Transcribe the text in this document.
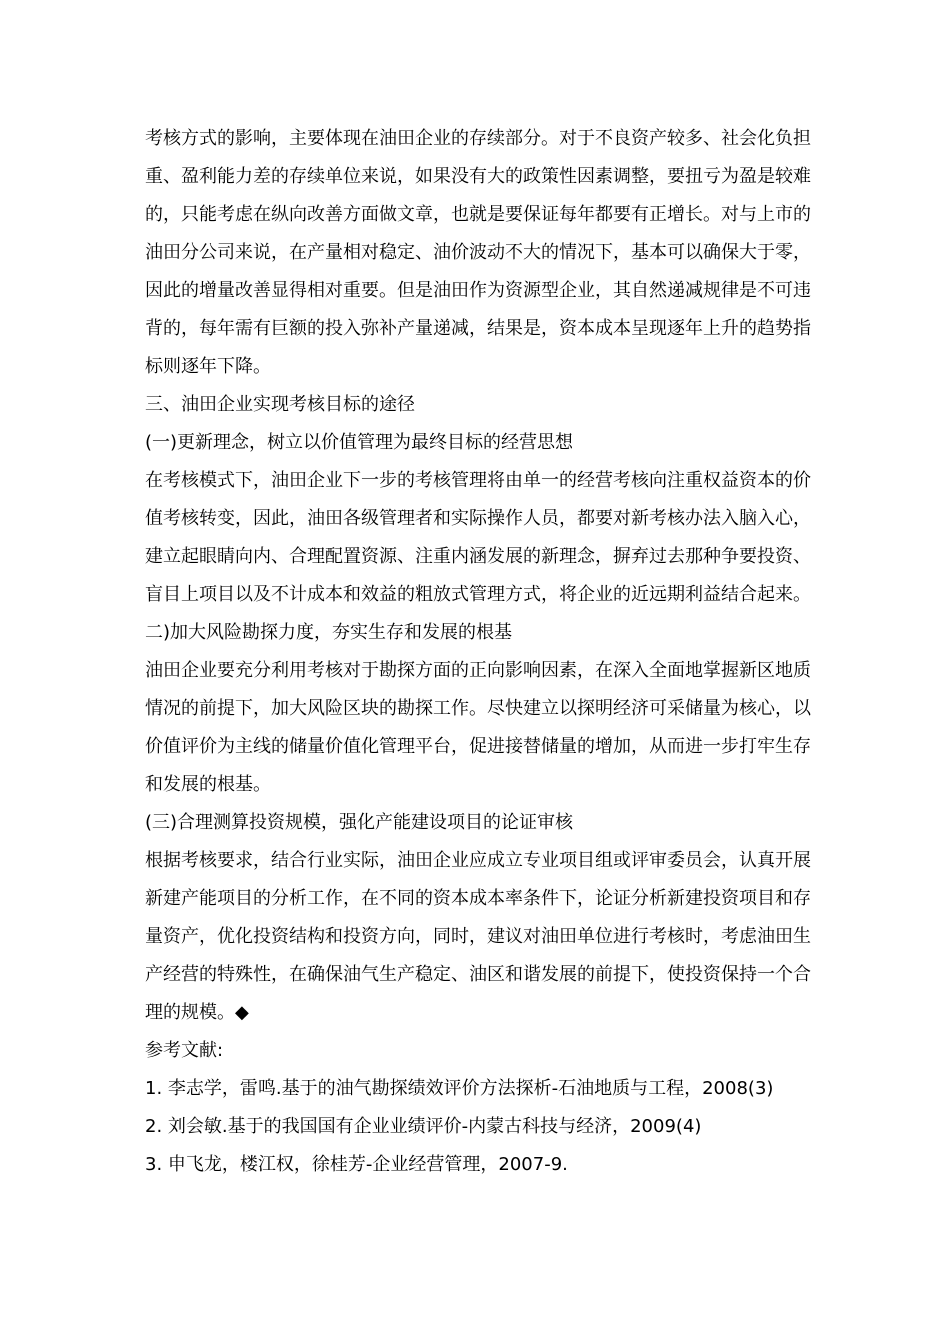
考核方式的影响，主要体现在油田企业的存续部分。对于不良资产较多、社会化负担重、盈利能力差的存续单位来说，如果没有大的政策性因素调整，要扭亏为盈是较难的，只能考虑在纵向改善方面做文章，也就是要保证每年都要有正增长。对与上市的油田分公司来说，在产量相对稳定、油价波动不大的情况下，基本可以确保大于零，因此的增量改善显得相对重要。但是油田作为资源型企业，其自然递减规律是不可违背的，每年需有巨额的投入弥补产量递减，结果是，资本成本呈现逐年上升的趋势指标则逐年下降。

三、油田企业实现考核目标的途径
(一)更新理念，树立以价值管理为最终目标的经营思想

在考核模式下，油田企业下一步的考核管理将由单一的经营考核向注重权益资本的价值考核转变，因此，油田各级管理者和实际操作人员，都要对新考核办法入脑入心，建立起眼睛向内、合理配置资源、注重内涵发展的新理念，摒弃过去那种争要投资、盲目上项目以及不计成本和效益的粗放式管理方式，将企业的近远期利益结合起来。

二)加大风险勘探力度，夯实生存和发展的根基

油田企业要充分利用考核对于勘探方面的正向影响因素，在深入全面地掌握新区地质情况的前提下，加大风险区块的勘探工作。尽快建立以探明经济可采储量为核心，以价值评价为主线的储量价值化管理平台，促进接替储量的增加，从而进一步打牢生存和发展的根基。

(三)合理测算投资规模，强化产能建设项目的论证审核

根据考核要求，结合行业实际，油田企业应成立专业项目组或评审委员会，认真开展新建产能项目的分析工作，在不同的资本成本率条件下，论证分析新建投资项目和存量资产，优化投资结构和投资方向，同时，建议对油田单位进行考核时，考虑油田生产经营的特殊性，在确保油气生产稳定、油区和谐发展的前提下，使投资保持一个合理的规模。◆

参考文献:
1. 李志学，雷鸣.基于的油气勘探绩效评价方法探析-石油地质与工程，2008(3)
2. 刘会敏.基于的我国国有企业业绩评价-内蒙古科技与经济，2009(4)
3. 申飞龙，楼江权，徐桂芳-企业经营管理，2007-9.
